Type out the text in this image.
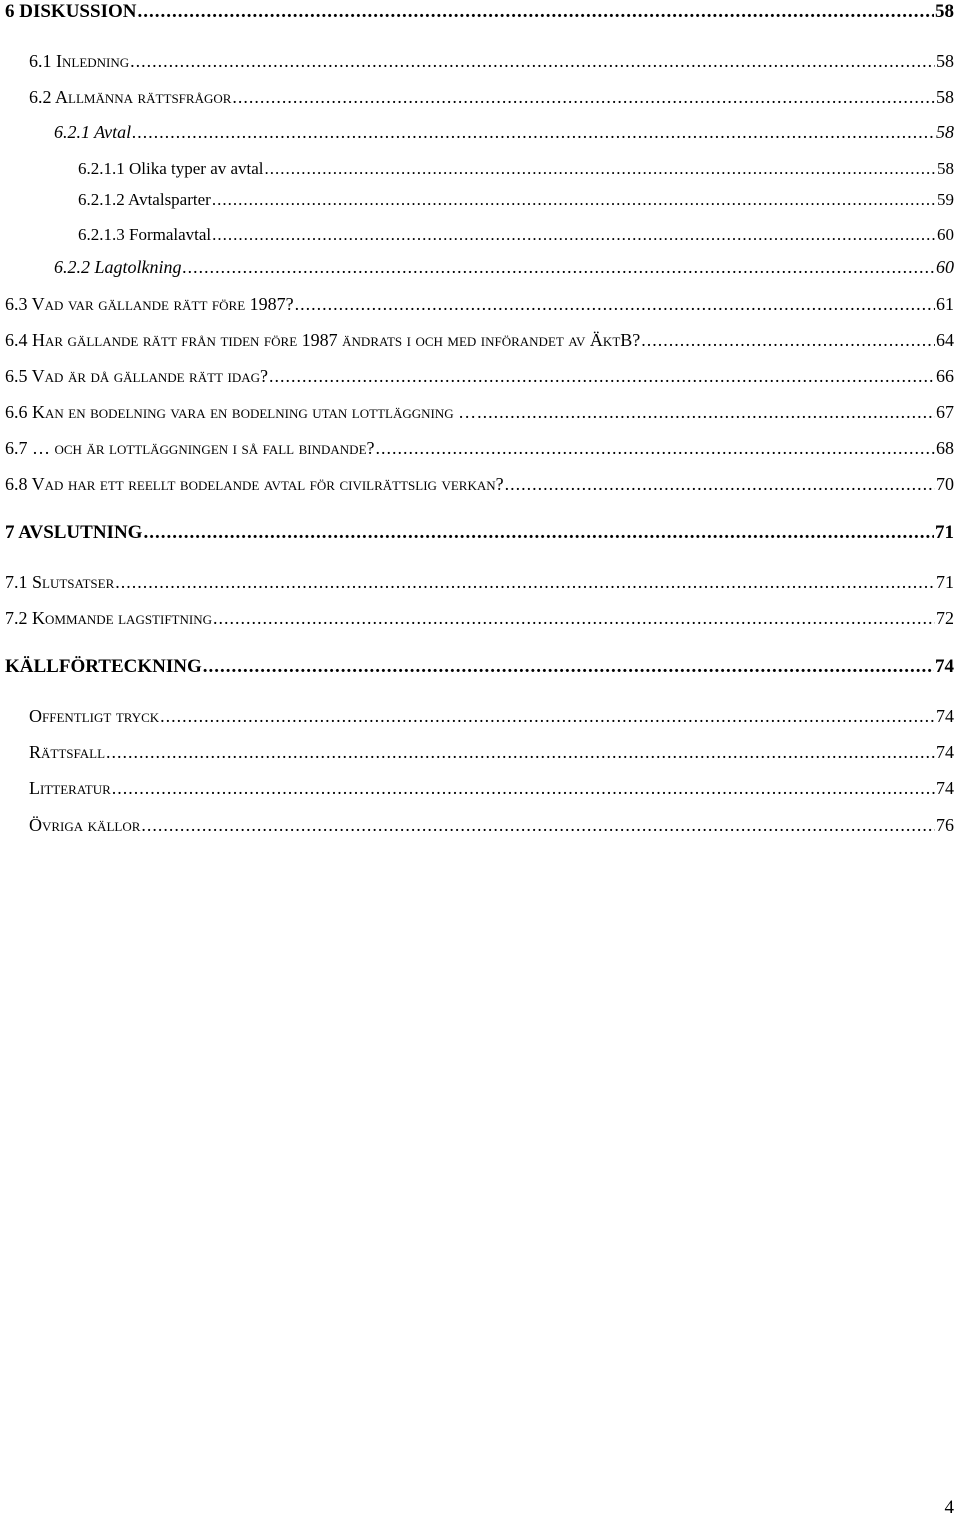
6 DISKUSSION .....	58
6.1 Inledning .....	58
6.2 Allmänna rättsfrågor .....	58
6.2.1 Avtal .....	58
6.2.1.1 Olika typer av avtal .....	58
6.2.1.2 Avtalsparter .....	59
6.2.1.3 Formalavtal .....	60
6.2.2 Lagtolkning .....	60
6.3 Vad var gällande rätt före 1987? .....	61
6.4 Har gällande rätt från tiden före 1987 ändrats i och med införandet av ÄktB? .....	64
6.5 Vad är då gällande rätt idag? .....	66
6.6 Kan en bodelning vara en bodelning utan lottläggning … .....	67
6.7 … och är lottläggningen i så fall bindande? .....	68
6.8 Vad har ett reellt bodelande avtal för civilrättslig verkan? .....	70
7 AVSLUTNING .....	71
7.1 Slutsatser .....	71
7.2 Kommande lagstiftning .....	72
KÄLLFÖRTECKNING .....	74
Offentligt tryck .....	74
Rättsfall .....	74
Litteratur .....	74
Övriga källor .....	76
4
